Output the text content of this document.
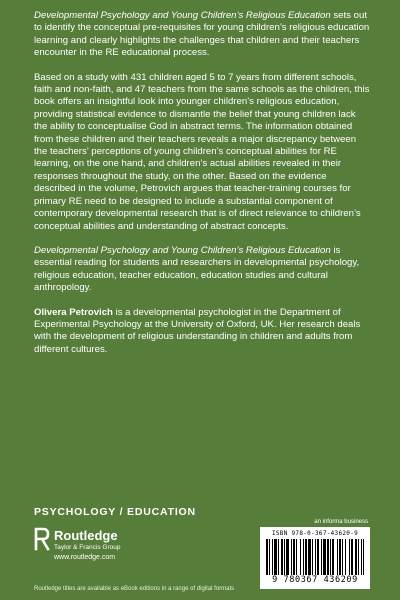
Developmental Psychology and Young Children’s Religious Education sets out to identify the conceptual pre-requisites for young children’s religious education learning and clearly highlights the challenges that children and their teachers encounter in the RE educational process.

Based on a study with 431 children aged 5 to 7 years from different schools, faith and non-faith, and 47 teachers from the same schools as the children, this book offers an insightful look into younger children’s religious education, providing statistical evidence to dismantle the belief that young children lack the ability to conceptualise God in abstract terms. The information obtained from these children and their teachers reveals a major discrepancy between the teachers’ perceptions of young children’s conceptual abilities for RE learning, on the one hand, and children’s actual abilities revealed in their responses throughout the study, on the other. Based on the evidence described in the volume, Petrovich argues that teacher-training courses for primary RE need to be designed to include a substantial component of contemporary developmental research that is of direct relevance to children’s conceptual abilities and understanding of abstract concepts.

Developmental Psychology and Young Children’s Religious Education is essential reading for students and researchers in developmental psychology, religious education, teacher education, education studies and cultural anthropology.

Olivera Petrovich is a developmental psychologist in the Department of Experimental Psychology at the University of Oxford, UK. Her research deals with the development of religious understanding in children and adults from different cultures.

PSYCHOLOGY / EDUCATION
Routledge
Taylor & Francis Group
www.routledge.com
an informa business
ISBN 978-0-367-43620-9
9 780367 436209
Routledge titles are available as eBook editions in a range of digital formats
